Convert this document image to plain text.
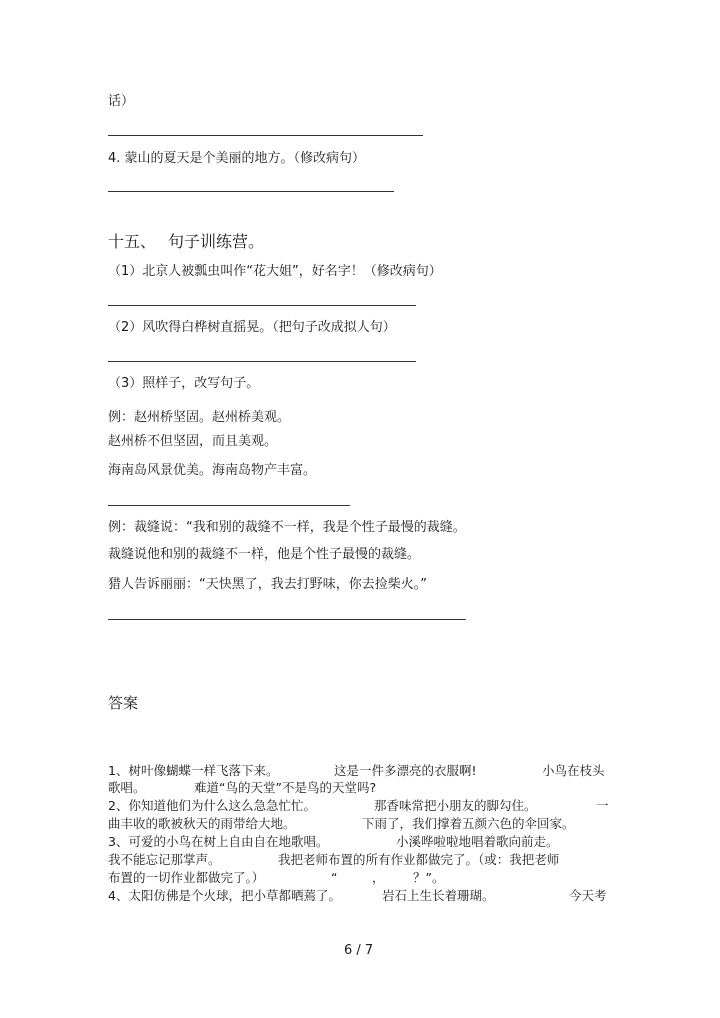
话）
4. 蒙山的夏天是个美丽的地方。（修改病句）
十五、 句子训练营。
（1）北京人被瓢虫叫作“花大姐”，好名字！（修改病句）
（2）风吹得白桦树直摇晃。（把句子改成拟人句）
（3）照样子，改写句子。
例：赵州桥坚固。赵州桥美观。
赵州桥不但坚固，而且美观。
海南岛风景优美。海南岛物产丰富。
例：裁缝说：“我和别的裁缝不一样，我是个性子最慢的裁缝。
裁缝说他和别的裁缝不一样，他是个性子最慢的裁缝。
猎人告诉丽丽：“天快黑了，我去打野味，你去捡柴火。”
答案
1、树叶像蝴蝶一样飞落下来。	这是一件多漂亮的衣服啊!	小鸟在枝头
歌唱。	难道“鸟的天堂”不是鸟的天堂吗?
2、你知道他们为什么这么急急忙忙。	那香味常把小朋友的脚勾住。	一
曲丰收的歌被秋天的雨带给大地。	下雨了，我们撑着五颜六色的伞回家。
3、可爱的小鸟在树上自由自在地歌唱。	小溪哗啦啦地唱着歌向前走。
我不能忘记那掌声。	我把老师布置的所有作业都做完了。（或：我把老师
布置的一切作业都做完了。）	“	， ？”。
4、太阳仿佛是个火球，把小草都晒蔫了。	岩石上生长着珊瑚。	今天考
6 / 7
